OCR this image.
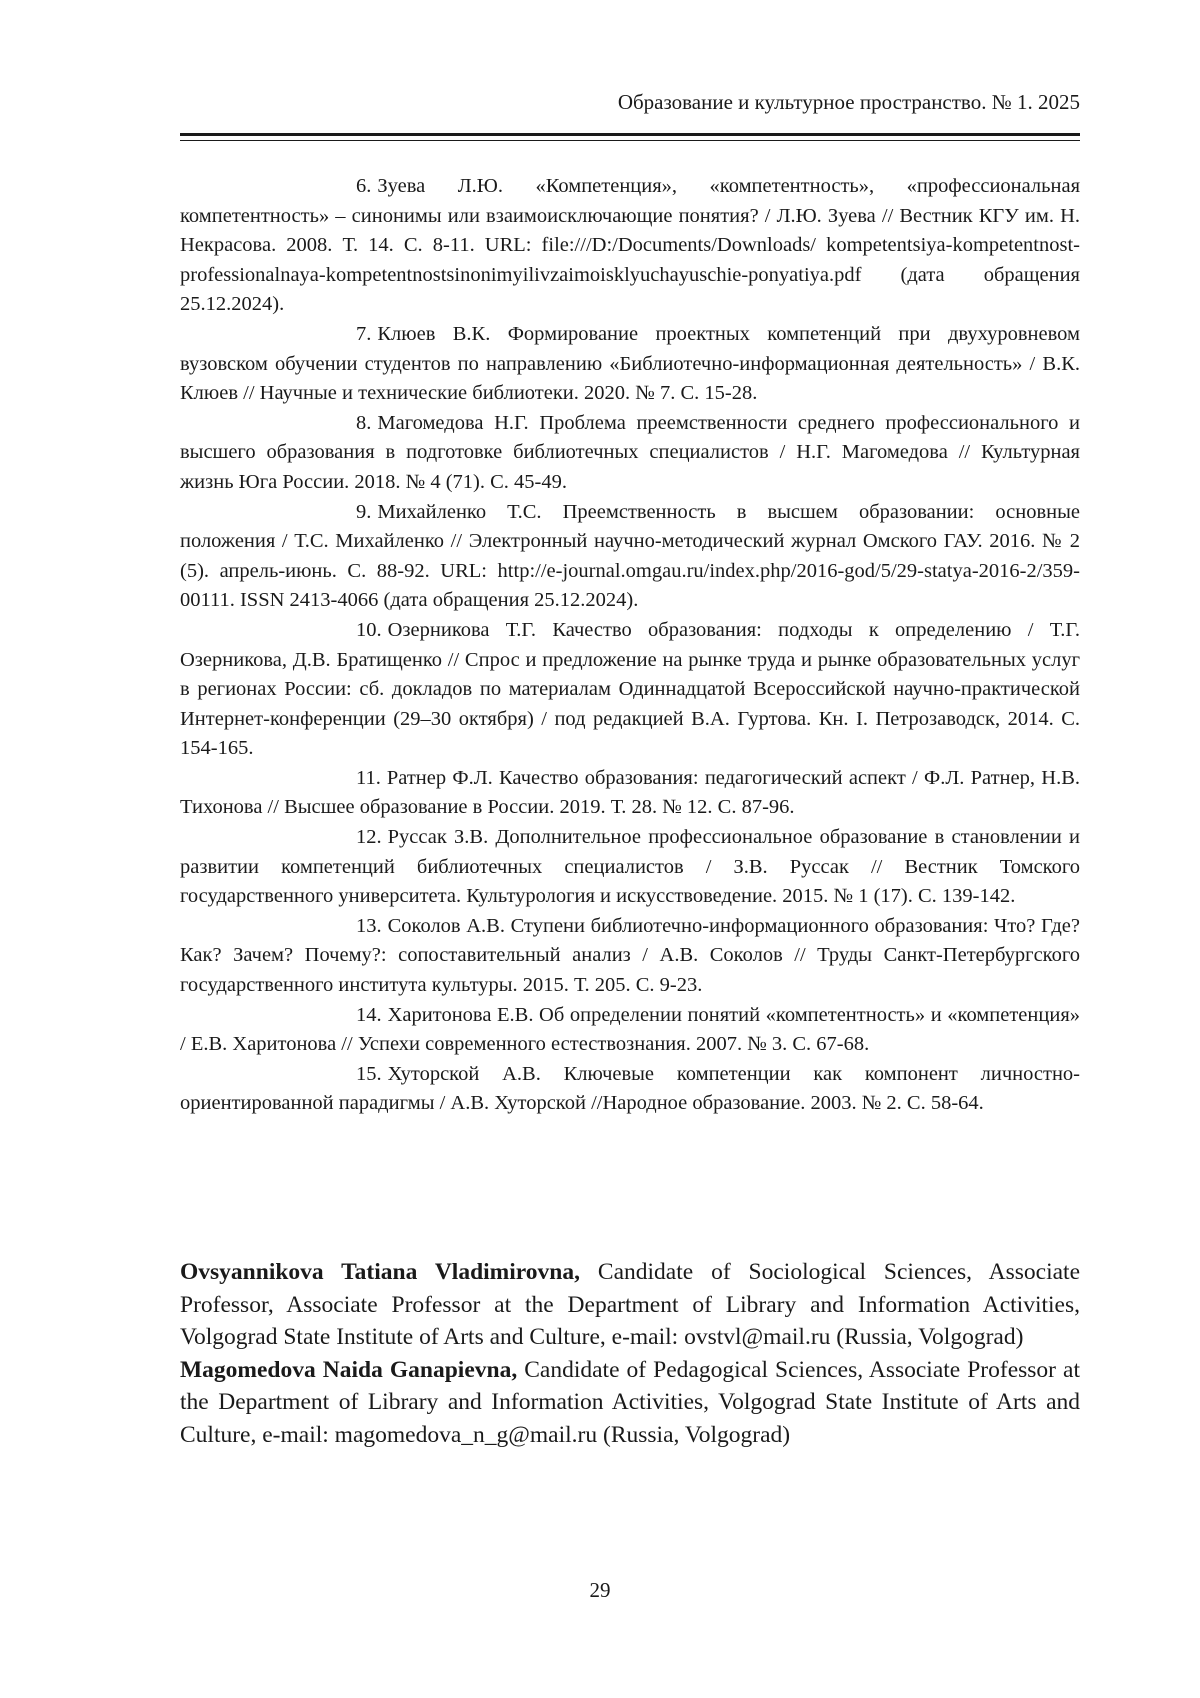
Образование и культурное пространство. № 1. 2025

6. Зуева Л.Ю. «Компетенция», «компетентность», «профессиональная компетентность» – синонимы или взаимоисключающие понятия? / Л.Ю. Зуева // Вестник КГУ им. Н. Некрасова. 2008. Т. 14. С. 8-11. URL: file:///D:/Documents/Downloads/ kompetentsiya-kompetentnost-professionalnaya-kompetentnostsinonimyilivzaimoisklyuchayuschie-ponyatiya.pdf (дата обращения 25.12.2024).

7. Клюев В.К. Формирование проектных компетенций при двухуровневом вузовском обучении студентов по направлению «Библиотечно-информационная деятельность» / В.К. Клюев // Научные и технические библиотеки. 2020. № 7. С. 15-28.

8. Магомедова Н.Г. Проблема преемственности среднего профессионального и высшего образования в подготовке библиотечных специалистов / Н.Г. Магомедова // Культурная жизнь Юга России. 2018. № 4 (71). С. 45-49.

9. Михайленко Т.С. Преемственность в высшем образовании: основные положения / Т.С. Михайленко // Электронный научно-методический журнал Омского ГАУ. 2016. № 2 (5). апрель-июнь. С. 88-92. URL: http://e-journal.omgau.ru/index.php/2016-god/5/29-statya-2016-2/359-00111. ISSN 2413-4066 (дата обращения 25.12.2024).

10. Озерникова Т.Г. Качество образования: подходы к определению / Т.Г. Озерникова, Д.В. Братищенко // Спрос и предложение на рынке труда и рынке образовательных услуг в регионах России: сб. докладов по материалам Одиннадцатой Всероссийской научно-практической Интернет-конференции (29–30 октября) / под редакцией В.А. Гуртова. Кн. I. Петрозаводск, 2014. С. 154-165.

11. Ратнер Ф.Л. Качество образования: педагогический аспект / Ф.Л. Ратнер, Н.В. Тихонова // Высшее образование в России. 2019. Т. 28. № 12. С. 87-96.

12. Руссак З.В. Дополнительное профессиональное образование в становлении и развитии компетенций библиотечных специалистов / З.В. Руссак // Вестник Томского государственного университета. Культурология и искусствоведение. 2015. № 1 (17). С. 139-142.

13. Соколов А.В. Ступени библиотечно-информационного образования: Что? Где? Как? Зачем? Почему?: сопоставительный анализ / А.В. Соколов // Труды Санкт-Петербургского государственного института культуры. 2015. Т. 205. С. 9-23.

14. Харитонова Е.В. Об определении понятий «компетентность» и «компетенция» / Е.В. Харитонова // Успехи современного естествознания. 2007. № 3. С. 67-68.

15. Хуторской А.В. Ключевые компетенции как компонент личностно-ориентированной парадигмы / А.В. Хуторской //Народное образование. 2003. № 2. С. 58-64.

Ovsyannikova Tatiana Vladimirovna, Candidate of Sociological Sciences, Associate Professor, Associate Professor at the Department of Library and Information Activities, Volgograd State Institute of Arts and Culture, e-mail: ovstvl@mail.ru (Russia, Volgograd)

Magomedova Naida Ganapievna, Candidate of Pedagogical Sciences, Associate Professor at the Department of Library and Information Activities, Volgograd State Institute of Arts and Culture, e-mail: magomedova_n_g@mail.ru (Russia, Volgograd)

29
